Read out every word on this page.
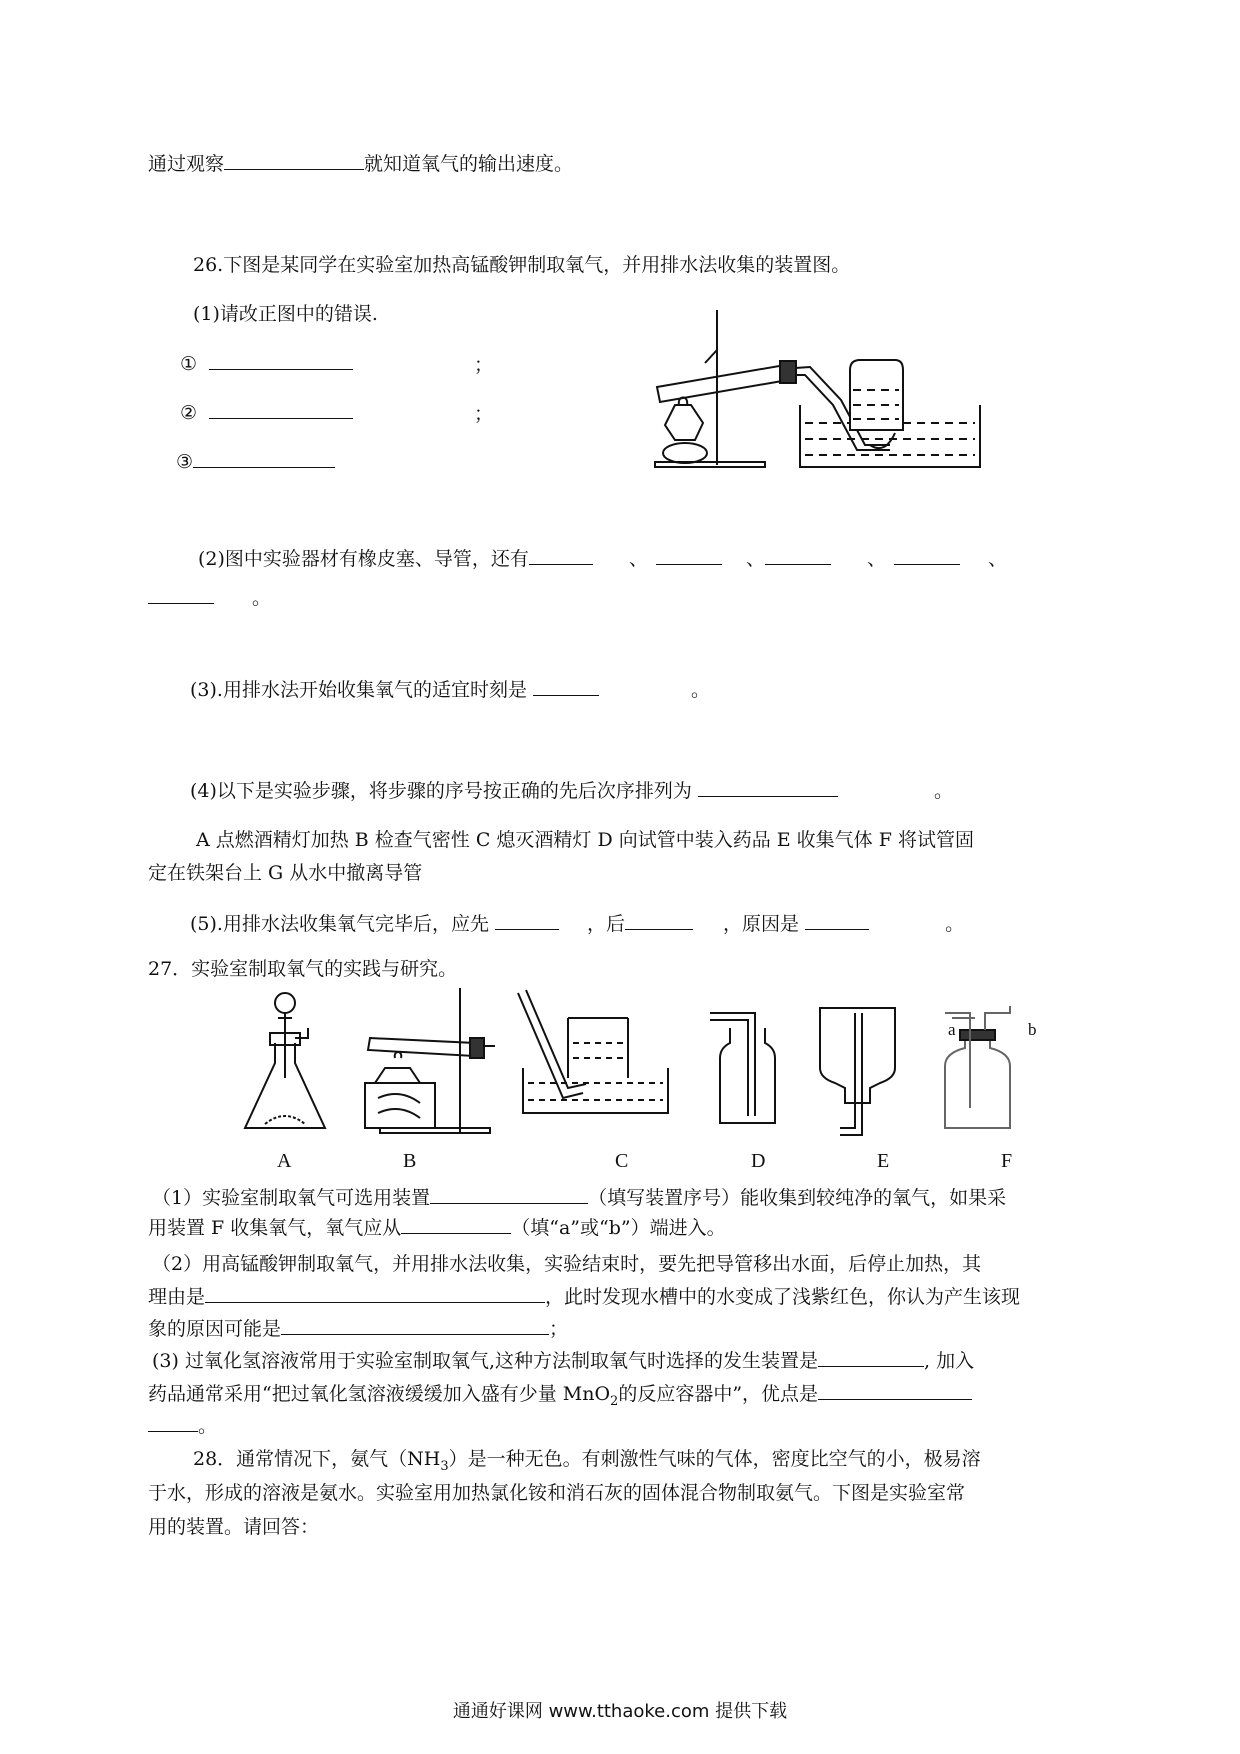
通过观察	就知道氧气的输出速度。
26.下图是某同学在实验室加热高锰酸钾制取氧气，并用排水法收集的装置图。
(1)请改正图中的错误.
①	；
②	；
③
(2)图中实验器材有橡皮塞、导管，还有	、	、	、	、
。
(3).用排水法开始收集氧气的适宜时刻是	。
(4)以下是实验步骤，将步骤的序号按正确的先后次序排列为	。
A 点燃酒精灯加热 B 检查气密性 C 熄灭酒精灯 D 向试管中装入药品 E 收集气体 F 将试管固
定在铁架台上 G 从水中撤离导管
(5).用排水法收集氧气完毕后，应先	，后	，原因是	。
27．实验室制取氧气的实践与研究。
a	b
A	B	C	D	E	F
（1）实验室制取氧气可选用装置	（填写装置序号）能收集到较纯净的氧气，如果采
用装置 F 收集氧气，氧气应从	（填“a”或“b”）端进入。
（2）用高锰酸钾制取氧气，并用排水法收集，实验结束时，要先把导管移出水面，后停止加热，其
理由是	，此时发现水槽中的水变成了浅紫红色，你认为产生该现
象的原因可能是	；
(3) 过氧化氢溶液常用于实验室制取氧气,这种方法制取氧气时选择的发生装置是	, 加入
药品通常采用“把过氧化氢溶液缓缓加入盛有少量 MnO$_2$的反应容器中”，优点是
。
28．通常情况下，氨气$(NH_3)$是一种无色。有刺激性气味的气体，密度比空气的小，极易溶
于水，形成的溶液是氨水。实验室用加热氯化铵和消石灰的固体混合物制取氨气。下图是实验室常
用的装置。请回答：
通通好课网 www.tthaoke.com 提供下载
